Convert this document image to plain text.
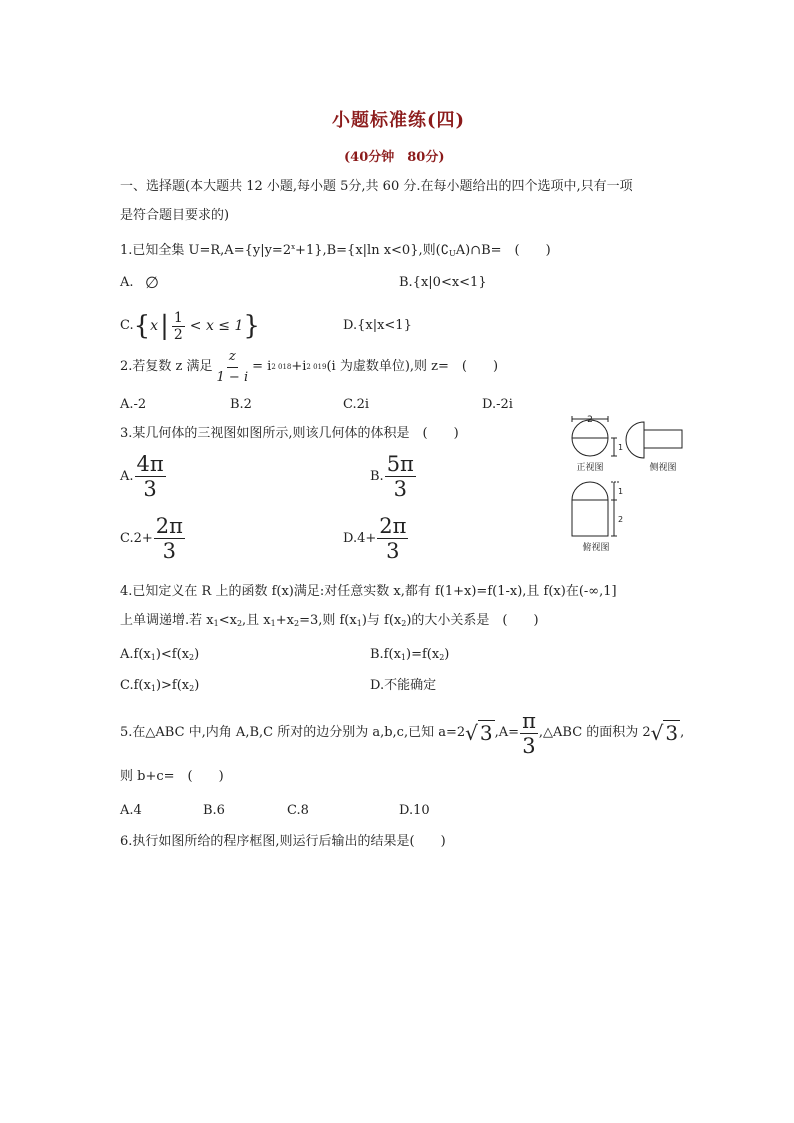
小题标准练(四)
(40分钟　80分)
一、选择题(本大题共 12 小题,每小题 5分,共 60 分.在每小题给出的四个选项中,只有一项
是符合题目要求的)
1.已知全集 $U=R,A=\{y|y=2^x+1\},B=\{x|\ln$ x<0},则$(∁_UA)\cap B=$　(　　)
A. ∅	B.{x|0<x<1}
C. { x | $\frac{1}{2} < x \le 1$ }	D.{x|x<1}
2.若复数 z 满足 $\frac{z}{1 - i} = i$ 2 018 +i 2 019 (i 为虚数单位),则 z=　(　　)
A.-2	B.2	C.2i	D.-2i
3.某几何体的三视图如图所示,则该几何体的体积是　(　　)
A. $\frac{4\pi}{3}$	B. $\frac{5\pi}{3}$
$C.2+ \frac{2\pi}{3}$	$D.4+ \frac{2\pi}{3}$
2
1
正视图	侧视图
1
2
俯视图
4.已知定义在 R 上的函数 f(x)满足:对任意实数 x,都有 f(1+x)=f(1-x),且 f(x)在(-∞,1]
上单调递增.若 $x_1<x_2$,且 $x_1+x_2=3$,则 $f(x_1)$与 $f(x_2)$的大小关系是　(　　)
$A.f(x_1)<f(x_2)$	$B.f(x_1)=f(x_2)$
$C.f(x_1)>f(x_2)$	D.不能确定
5.在△ABC 中,内角 A,B,C 所对的边分别为 a,b,c,已知 a=2 √ 3 $,A= \frac{\pi}{3}$ ,△ABC 的面积为 2 √ 3 ,
则 b+c=　(　　)
A.4	B.6	C.8	D.10
6.执行如图所给的程序框图,则运行后输出的结果是(　　)
